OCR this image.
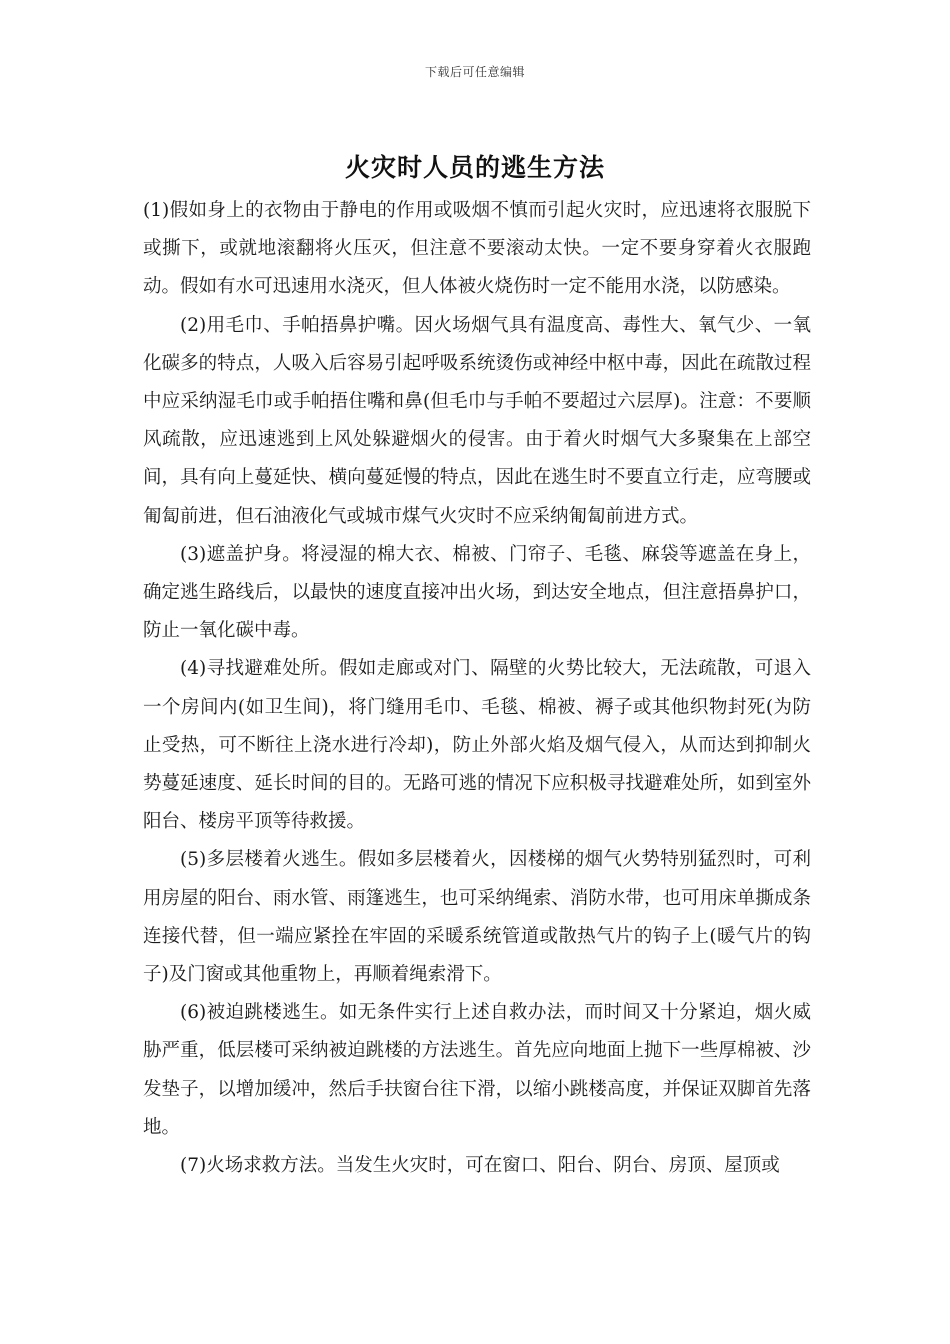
下载后可任意编辑
火灾时人员的逃生方法

(1)假如身上的衣物由于静电的作用或吸烟不慎而引起火灾时，应迅速将衣服脱下或撕下，或就地滚翻将火压灭，但注意不要滚动太快。一定不要身穿着火衣服跑动。假如有水可迅速用水浇灭，但人体被火烧伤时一定不能用水浇，以防感染。

(2)用毛巾、手帕捂鼻护嘴。因火场烟气具有温度高、毒性大、氧气少、一氧化碳多的特点，人吸入后容易引起呼吸系统烫伤或神经中枢中毒，因此在疏散过程中应采纳湿毛巾或手帕捂住嘴和鼻(但毛巾与手帕不要超过六层厚)。注意：不要顺风疏散，应迅速逃到上风处躲避烟火的侵害。由于着火时烟气大多聚集在上部空间，具有向上蔓延快、横向蔓延慢的特点，因此在逃生时不要直立行走，应弯腰或匍匐前进，但石油液化气或城市煤气火灾时不应采纳匍匐前进方式。

(3)遮盖护身。将浸湿的棉大衣、棉被、门帘子、毛毯、麻袋等遮盖在身上，确定逃生路线后，以最快的速度直接冲出火场，到达安全地点，但注意捂鼻护口，防止一氧化碳中毒。

(4)寻找避难处所。假如走廊或对门、隔壁的火势比较大，无法疏散，可退入一个房间内(如卫生间)，将门缝用毛巾、毛毯、棉被、褥子或其他织物封死(为防止受热，可不断往上浇水进行冷却)，防止外部火焰及烟气侵入，从而达到抑制火势蔓延速度、延长时间的目的。无路可逃的情况下应积极寻找避难处所，如到室外阳台、楼房平顶等待救援。

(5)多层楼着火逃生。假如多层楼着火，因楼梯的烟气火势特别猛烈时，可利用房屋的阳台、雨水管、雨篷逃生，也可采纳绳索、消防水带，也可用床单撕成条连接代替，但一端应紧拴在牢固的采暖系统管道或散热气片的钩子上(暖气片的钩子)及门窗或其他重物上，再顺着绳索滑下。

(6)被迫跳楼逃生。如无条件实行上述自救办法，而时间又十分紧迫，烟火威胁严重，低层楼可采纳被迫跳楼的方法逃生。首先应向地面上抛下一些厚棉被、沙发垫子，以增加缓冲，然后手扶窗台往下滑，以缩小跳楼高度，并保证双脚首先落地。

(7)火场求救方法。当发生火灾时，可在窗口、阳台、阴台、房顶、屋顶或
